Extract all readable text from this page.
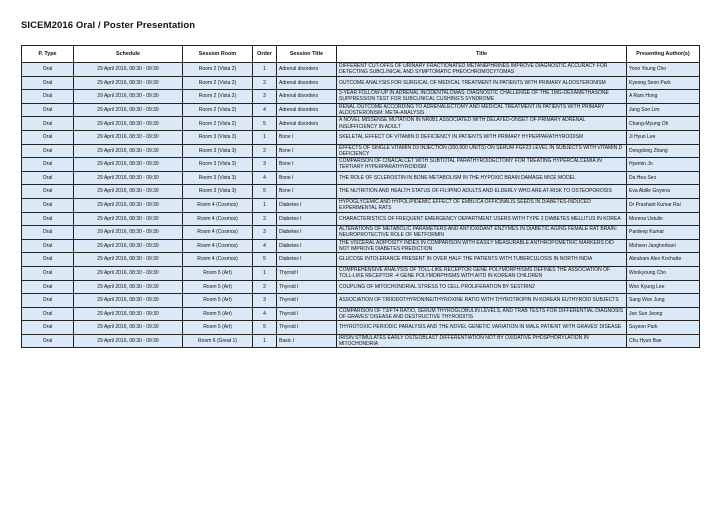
SICEM2016 Oral / Poster Presentation
P. Type	Schedule	Session Room	Order	Session Title	Title	Presenting Author(s)
Oral	29 April 2016, 08:30 - 09:30	Room 2 (Vista 2)	1	Adrenal disorders	DIFFERENT CUT-OFFS OF URINARY FRACTIONATED METANEPHRINES IMPROVE DIAGNOSTIC ACCURACY FOR DETECTING SUBCLINICAL AND SYMPTOMATIC PHEOCHROMOCYTOMAS	Yoon Young Cho
Oral	29 April 2016, 08:30 - 09:30	Room 2 (Vista 2)	2	Adrenal disorders	OUTCOME ANALYSIS FOR SURGICAL OF MEDICAL TREATMENT IN PATIENTS WITH PRIMARY ALDOSTERONISM	Kyeong Seon Park
Oral	29 April 2016, 08:30 - 09:30	Room 2 (Vista 2)	3	Adrenal disorders	3-YEAR FOLLOW-UP IN ADRENAL INCIDENTALOMAS: DIAGNOSTIC CHALLENGE OF THE 1MG-DEXAMETHASONE SUPPRESSION TEST FOR SUBCLINICAL CUSHING'S SYNDROME	A Ram Hong
Oral	29 April 2016, 08:30 - 09:30	Room 2 (Vista 2)	4	Adrenal disorders	RENAL OUTCOME ACCORDING TO ADRENALECTOMY AND MEDICAL TREATMENT IN PATIENTS WITH PRIMARY ALDOSTERONISM: META-ANALYSIS	Jung Soo Lim
Oral	29 April 2016, 08:30 - 09:30	Room 2 (Vista 2)	5	Adrenal disorders	A NOVEL MISSENSE MUTATION IN NR0B1 ASSOCIATED WITH DELAYED-ONSET OF PRIMARY ADRENAL INSUFFICIENCY IN ADULT	Chang-Myung Oh
Oral	29 April 2016, 08:30 - 09:30	Room 3 (Vista 3)	1	Bone I	SKELETAL EFFECT OF VITAMIN D DEFICIENCY IN PATIENTS WITH PRIMARY HYPERPARATHYROIDISM	Ji Hyun Lee
Oral	29 April 2016, 08:30 - 09:30	Room 3 (Vista 3)	2	Bone I	EFFECTS OF SINGLE VITAMIN D3 INJECTION (200,000 UNITS) ON SERUM FGF23 LEVEL IN SUBJECTS WITH VITAMIN D DEFICIENCY	Dongdong Zhang
Oral	29 April 2016, 08:30 - 09:30	Room 3 (Vista 3)	3	Bone I	COMPARISON OF CINACALCET WITH SUBTOTAL PARATHYROIDECTOMY FOR TREATING HYPERCALCEMIA IN TERTIARY HYPERPARATHYROIDISM	Hyemin Jo
Oral	29 April 2016, 08:30 - 09:30	Room 3 (Vista 3)	4	Bone I	THE ROLE OF SCLEROSTIN IN BONE METABOLISM IN THE HYPOXIC BRAIN DAMAGE MICE MODEL	Da Hea Seo
Oral	29 April 2016, 08:30 - 09:30	Room 3 (Vista 3)	5	Bone I	THE NUTRITION AND HEALTH STATUS OF FILIPINO ADULTS AND ELDERLY WHO ARE AT-RISK TO OSTEOPOROSIS	Eva Abille Goyena
Oral	29 April 2016, 08:30 - 09:30	Room 4 (Cosmos)	1	Diabetes I	HYPOGLYCEMIC AND HYPOLIPIDEMIC EFFECT OF EMBLICA OFFICINALIS SEEDS IN DIABETES-INDUCED EXPERIMENTAL RATS	Dr Prashant Kumar Rai
Oral	29 April 2016, 08:30 - 09:30	Room 4 (Cosmos)	2	Diabetes I	CHARACTERISTICS OF FREQUENT EMERGENCY DEPARTMENT USERS WITH TYPE 2 DIABETES MELLITUS IN KOREA	Morena Ustulin
Oral	29 April 2016, 08:30 - 09:30	Room 4 (Cosmos)	3	Diabetes I	ALTERATIONS OF METABOLIC PARAMETERS AND ANTIOXIDANT ENZYMES IN DIABETIC AGING FEMALE RAT BRAIN: NEUROPROTECTIVE ROLE OF METFORMIN	Pardeep Kumar
Oral	29 April 2016, 08:30 - 09:30	Room 4 (Cosmos)	4	Diabetes I	THE VISCERAL ADIPOSITY INDEX IN COMPARISON WITH EASILY MEASURABLE ANTHROPOMETRIC MARKERS DID NOT IMPROVE DIABETES PREDICTION	Mohsen Janghorbani
Oral	29 April 2016, 08:30 - 09:30	Room 4 (Cosmos)	5	Diabetes I	GLUCOSE INTOLERANCE PRESENT IN OVER HALF THE PATIENTS WITH TUBERCULOSIS IN NORTH INDIA	Abraham Alex Kochatte
Oral	29 April 2016, 08:30 - 09:30	Room 5 (Art)	1	Thyroid I	COMPREHENSIVE ANALYSIS OF TOLL-LIKE RECEPTOR GENE POLYMORPHISMS DEFINES THE ASSOCIATION OF TOLL-LIKE RECEPTOR -4 GENE POLYMORPHISMS WITH AITD IN KOREAN CHILDREN	Wonkyoung Cho
Oral	29 April 2016, 08:30 - 09:30	Room 5 (Art)	2	Thyroid I	COUPLING OF MITOCHONDRIAL STRESS TO CELL PROLIFERATION BY SESTRIN2	Woo Kyung Lee
Oral	29 April 2016, 08:30 - 09:30	Room 5 (Art)	3	Thyroid I	ASSOCIATION OF TRIIODOTHYRONINE/THYROXINE RATIO WITH THYROTROPIN IN KOREAN EUTHYROID SUBJECTS	Sang Won Jung
Oral	29 April 2016, 08:30 - 09:30	Room 5 (Art)	4	Thyroid I	COMPARISON OF T3/FT4 RATIO, SERUM THYROGLOBULIN LEVELS, AND TRAB TESTS FOR DIFFERENTIAL DIAGNOSIS OF GRAVES' DISEASE AND DESTRUCTIVE THYROIDITIS	Jee Sun Jeong
Oral	29 April 2016, 08:30 - 09:30	Room 5 (Art)	5	Thyroid I	THYROTOXIC PERIODIC PARALYSIS AND THE NOVEL GENETIC VARIATION IN MALE PATIENT WITH GRAVES' DISEASE	Suyeon Park
Oral	29 April 2016, 08:30 - 09:30	Room 6 (Great 1)	1	Basic I	IRISIN STIMULATES EARLY OSTEOBLAST DIFFERENTIATION NOT BY OXIDATIVE PHOSPHORYLATION IN MITOCHONDRIA	Chu Hyun Bae
